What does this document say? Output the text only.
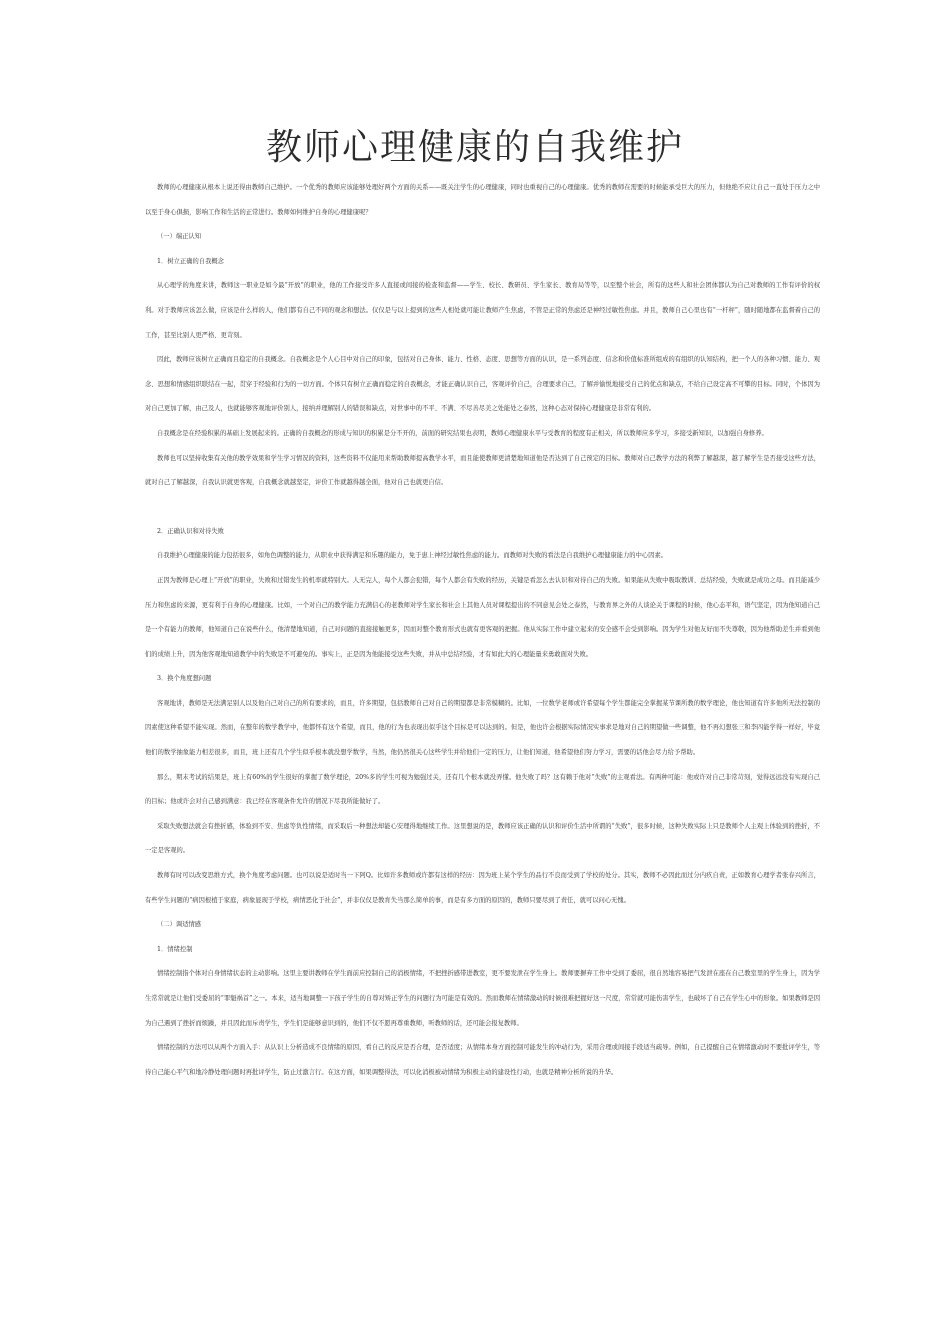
教师心理健康的自我维护

教师的心理健康从根本上说还得由教师自己维护。一个优秀的教师应该能够处理好两个方面的关系——既关注学生的心理健康，同时也重视自己的心理健康。优秀的教师在需要的时候能承受巨大的压力，但他绝不应让自己一直处于压力之中以至于身心俱损，影响工作和生活的正常进行。教师如何维护自身的心理健康呢？

（一）端正认知

1．树立正确的自我概念

从心理学的角度来讲，教师这一职业是如今最“开放”的职业，他的工作接受许多人直接或间接的检查和监督——学生、校长、教研员、学生家长、教育局等等，以至整个社会，所有的这些人和社会团体都认为自己对教师的工作有评价的权利。对于教师应该怎么做，应该是什么样的人，他们都有自己不同的观念和想法。仅仅是与以上提到的这些人相处就可能让教师产生焦虑，不管是正常的焦虑还是神经过敏性焦虑。并且，教师自己心里也有“一杆秤”，随时随地都在监督着自己的工作，甚至比别人更严格、更苛刻。

因此，教师应该树立正确而且稳定的自我概念。自我概念是个人心目中对自己的印象，包括对自己身体、能力、性格、态度、思想等方面的认识，是一系列态度、信念和价值标准所组成的有组织的认知结构，把一个人的各种习惯、能力、观念、思想和情感组织联结在一起，贯穿于经验和行为的一切方面。个体只有树立正确而稳定的自我概念，才能正确认识自己，客观评价自己，合理要求自己，了解并愉悦地接受自己的优点和缺点，不给自己设定高不可攀的目标。同时，个体因为对自己更加了解，由己及人，也就能够客观地评价别人，接纳并理解别人的错误和缺点，对世事中的不平、不满、不尽善尽美之处能处之泰然，这种心态对保持心理健康是非常有利的。

自我概念是在经验积累的基础上发展起来的。正确的自我概念的形成与知识的积累是分不开的，前面的研究结果也表明，教师心理健康水平与受教育的程度有正相关，所以教师应多学习，多接受新知识，以加强自身修养。

教师也可以坚持收集有关他的教学效果和学生学习情况的资料，这些资料不仅能用来帮助教师提高教学水平，而且能使教师更清楚地知道他是否达到了自己预定的目标。教师对自己教学方法的利弊了解越深，越了解学生是否接受这些方法，就对自己了解越深，自我认识就更客观，自我概念就越坚定，评价工作就越得越全面，他对自己也就更自信。

2．正确认识和对待失败

自我维护心理健康的能力包括很多，如角色调整的能力，从职业中获得满足和乐趣的能力，免于患上神经过敏性焦虑的能力。而教师对失败的看法是自我维护心理健康能力的中心因素。

正因为教师是心理上“开放”的职业，失败和过错发生的机率就特别大。人无完人，每个人都会犯错，每个人都会有失败的经历，关键是看怎么去认识和对待自己的失败。如果能从失败中吸取教训、总结经验，失败就是成功之母。而且能减少压力和焦虑的来源，更有利于自身的心理健康。比如，一个对自己的教学能力充满信心的老教师对学生家长和社会上其他人员对课程提出的不同意见会处之泰然，与教育界之外的人谈论关于课程的时候，他心态平和，语气坚定，因为他知道自己是一个有能力的教师，他知道自己在说些什么，他清楚地知道，自己对问题的直接接触更多，因而对整个教育形式也就有更客观的把握。他从实际工作中建立起来的安全感不会受到影响。因为学生对他友好而不失尊敬，因为他帮助差生并看到他们的成绩上升，因为他客观地知道教学中的失败是不可避免的。事实上，正是因为他能接受这些失败，并从中总结经验，才有如此大的心理能量来勇敢面对失败。

3．换个角度想问题

客观地讲，教师是无法满足别人以及他自己对自己的所有要求的，而且，许多期望，包括教师自己对自己的期望都是非常模糊的。比如，一位数学老师或许希望每个学生都能完全掌握某节课所教的数学理论，他也知道有许多他所无法控制的因素使这种希望不能实现。然而，在整年的数学教学中，他都怀有这个希望，而且，他的行为也表现出似乎这个目标是可以达到的。但是，他也许会根据实际情况实事求是地对自己的期望做一些调整，他不再幻想张三和李四能学得一样好，毕竟他们的数学抽象能力相差很多，而且，班上还有几个学生似乎根本就没想学数学，当然，他仍然很关心这些学生并给他们一定的压力，让他们知道，他希望他们努力学习，需要的话他会尽力给予帮助。

那么，期末考试的结果是，班上有60%的学生很好的掌握了数学理论，20%多的学生可视为勉强过关，还有几个根本就没弄懂。他失败了吗？这有赖于他对“失败”的主观看法。有两种可能：他或许对自己非常苛刻，觉得远远没有实现自己的目标；他或许会对自己感到满意：我已经在客观条件允许的情况下尽我所能做好了。

采取失败想法就会有挫折感，体验到不安、焦虑等负性情绪，而采取后一种想法却能心安理得地继续工作。这里想说的是，教师应该正确的认识和评价生活中所谓的“失败”，很多时候，这种失败实际上只是教师个人主观上体验到的挫折，不一定是客观的。

教师有时可以改变思维方式，换个角度考虑问题。也可以说是适时当一下阿Q。比如许多教师或许都有这样的经历：因为班上某个学生的品行不良而受到了学校的处分。其实，教师不必因此而过分内疚自责，正如教育心理学者张春兴所言，有些学生问题的“病因根植于家庭，病象显现于学校，病情恶化于社会”，并非仅仅是教育失当那么简单的事，而是有多方面的原因的，教师只要尽到了责任，就可以问心无愧。

（二）调适情感

1．情绪控制

情绪控制指个体对自身情绪状态的主动影响。这里主要讲教师在学生面前应控制自己的消极情绪，不把挫折感带进教室，更不要发泄在学生身上。教师要摒弃工作中受到了委屈，很自然地容易把气发泄在座在自己教室里的学生身上，因为学生常常就是让他们受委屈的“罪魁祸首”之一。本来，适当地调整一下孩子学生的自尊对矫正学生的问题行为可能是有效的。然而教师在情绪激动的时候很难把握好这一尺度，常常就可能伤害学生，也破坏了自己在学生心中的形象。如果教师是因为自己遇到了挫折而烦躁，并且因此而斥责学生，学生们是能够意识到的，他们不仅不愿再尊重教师，听教师的话，还可能会报复教师。

情绪控制的方法可以从两个方面入手：从认识上分析造成不良情绪的原因，看自己的反应是否合理，是否适度；从情绪本身方面控制可能发生的冲动行为，采用合理或间接手段适当疏导。例如，自己提醒自己在情绪激动时不要批评学生，等待自己能心平气和地冷静处理问题时再批评学生，防止过激言行。在这方面，如果调整得法，可以化消极被动情绪为积极主动的建设性行动，也就是精神分析所说的升华。
